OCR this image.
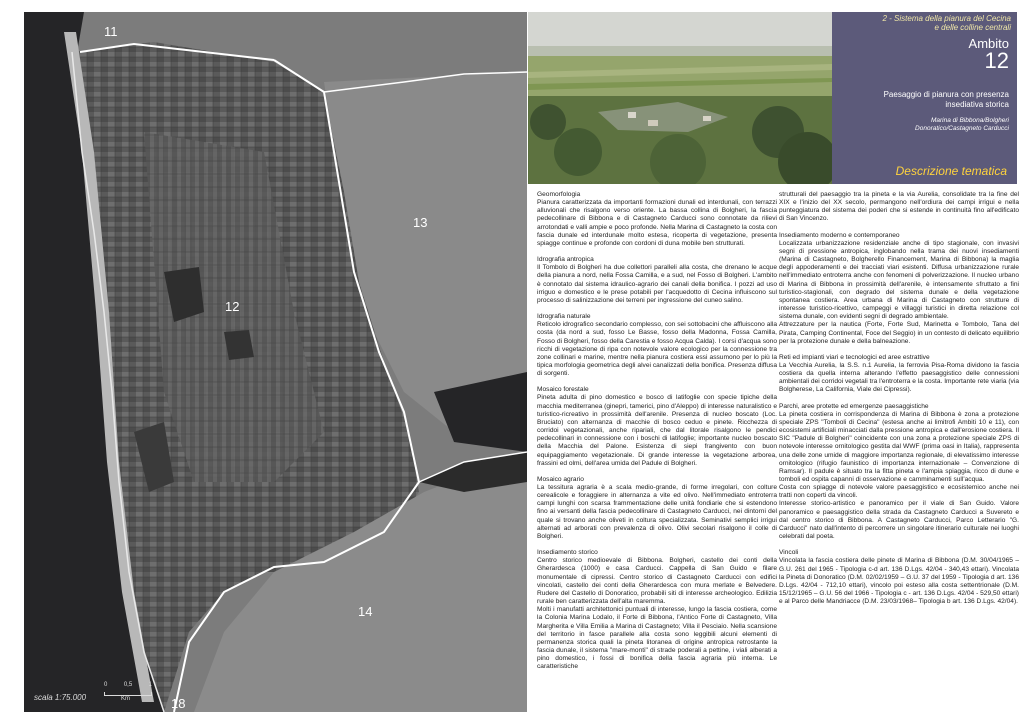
11
13
12
14
18
scala 1:75.000
0	0,5	1
Km
2 - Sistema della pianura del Cecina
e delle colline centrali
Ambito
12
Paesaggio di pianura con presenza insediativa storica
Marina di Bibbona/Bolgheri
Donoratico/Castagneto Carducci
Descrizione tematica
Geomorfologia

Pianura caratterizzata da importanti formazioni dunali ed interdunali, con terrazzi alluvionali che risalgono verso oriente. La bassa collina di Bolgheri, la fascia pedecollinare di Bibbona e di Castagneto Carducci sono connotate da rilievi arrotondati e valli ampie e poco profonde. Nella Marina di Castagneto la costa con fascia dunale ed interdunale molto estesa, ricoperta di vegetazione, presenta spiagge continue e profonde con cordoni di duna mobile ben strutturati.

Idrografia antropica

Il Tombolo di Bolgheri ha due collettori paralleli alla costa, che drenano le acque della pianura a nord, nella Fossa Camilla, e a sud, nel Fosso di Bolgheri. L'ambito è connotato dal sistema idraulico-agrario dei canali della bonifica. I pozzi ad uso irriguo e domestico e le prese potabili per l'acquedotto di Cecina influiscono sul processo di salinizzazione dei terreni per ingressione del cuneo salino.

Idrografia naturale

Reticolo idrografico secondario complesso, con sei sottobacini che affluiscono alla costa (da nord a sud, fosso Le Basse, fosso della Madonna, Fossa Camilla, Fosso di Bolgheri, fosso della Carestia e fosso Acqua Calda). I corsi d'acqua sono ricchi di vegetazione di ripa con notevole valore ecologico per la connessione tra zone collinari e marine, mentre nella pianura costiera essi assumono per lo più la tipica morfologia geometrica degli alvei canalizzati della bonifica. Presenza diffusa di sorgenti.

Mosaico forestale

Pineta adulta di pino domestico e bosco di latifoglie con specie tipiche della macchia mediterranea (ginepri, tamerici, pino d'Aleppo) di interesse naturalistico e turistico-ricreativo in prossimità dell'arenile. Presenza di nucleo boscato (Loc. Bruciato) con alternanza di macchie di bosco ceduo e pinete. Ricchezza di corridoi vegetazionali, anche ripariali, che dal litorale risalgono le pendici pedecollinari in connessione con i boschi di latifoglie; importante nucleo boscato della Macchia del Palone. Esistenza di siepi frangivento con buon equipaggiamento vegetazionale. Di grande interesse la vegetazione arborea, frassini ed olmi, dell'area umida del Padule di Bolgheri.

Mosaico agrario

La tessitura agraria è a scala medio-grande, di forme irregolari, con colture cerealicole e foraggiere in alternanza a vite ed olivo. Nell'immediato entroterra campi lunghi con scarsa frammentazione delle unità fondiarie che si estendono fino ai versanti della fascia pedecollinare di Castagneto Carducci, nei dintorni del quale si trovano anche oliveti in coltura specializzata. Seminativi semplici irrigui alternati ad arborati con prevalenza di olivo. Olivi secolari risalgono il colle di Bolgheri.

Insediamento storico

Centro storico medioevale di Bibbona. Bolgheri, castello dei conti della Gherardesca (1000) e casa Carducci. Cappella di San Guido e filare monumentale di cipressi. Centro storico di Castagneto Carducci con edifici vincolati, castello dei conti della Gherardesca con mura merlate e Belvedere. Rudere del Castello di Donoratico, probabili siti di interesse archeologico. Edilizia rurale ben caratterizzata dell'alta maremma.
Molti i manufatti architettonici puntuali di interesse, lungo la fascia costiera, come la Colonia Marina Lodalo, il Forte di Bibbona, l'Antico Forte di Castagneto, Villa Margherita e Villa Emilia a Marina di Castagneto; Villa il Pesciaio. Nella scansione del territorio in fasce parallele alla costa sono leggibili alcuni elementi di permanenza storica quali la pineta litoranea di origine antropica retrostante la fascia dunale, il sistema "mare-monti" di strade poderali a pettine, i viali alberati a pino domestico, i fossi di bonifica della fascia agraria più interna. Le caratteristiche

strutturali del paesaggio tra la pineta e la via Aurelia, consolidate tra la fine del XIX e l'inizio del XX secolo, permangono nell'ordiura dei campi irrigui e nella punteggiatura del sistema dei poderi che si estende in continuità fino all'edificato di San Vincenzo.

Insediamento moderno e contemporaneo

Localizzata urbanizzazione residenziale anche di tipo stagionale, con invasivi segni di pressione antropica, inglobando nella trama dei nuovi insediamenti (Marina di Castagneto, Bolgherello Financement, Marina di Bibbona) la maglia degli appoderamenti e dei tracciati viari esistenti. Diffusa urbanizzazione rurale nell'immediato entroterra anche con fenomeni di polverizzazione. Il nucleo urbano di Marina di Bibbona in prossimità dell'arenile, è intensamente sfruttato a fini turistico-stagionali, con degrado del sistema dunale e della vegetazione spontanea costiera. Area urbana di Marina di Castagneto con strutture di interesse turistico-ricettivo, campeggi e villaggi turistici in diretta relazione col sistema dunale, con evidenti segni di degrado ambientale.
Attrezzature per la nautica (Forte, Forte Sud, Marinetta e Tombolo, Tana del Pirata, Camping Continental, Foce del Seggio) in un contesto di delicato equilibrio per la protezione dunale e della balneazione.

Reti ed impianti viari e tecnologici ed aree estrattive

La Vecchia Aurelia, la S.S. n.1 Aurelia, la ferrovia Pisa-Roma dividono la fascia costiera da quella interna alterando l'effetto paesaggistico delle connessioni ambientali dei corridoi vegetali tra l'entroterra e la costa. Importante rete viaria (via Bolgherese, La California, Viale dei Cipressi).

Parchi, aree protette ed emergenze paesaggistiche

La pineta costiera in corrispondenza di Marina di Bibbona è zona a protezione speciale ZPS "Tomboli di Cecina" (estesa anche ai limitrofi Ambiti 10 e 11), con ecosistemi artificiali minacciati dalla pressione antropica e dall'erosione costiera. Il SIC "Padule di Bolgheri" coincidente con una zona a protezione speciale ZPS di notevole interesse ornitologico gestita dal WWF (prima oasi in Italia), rappresenta una delle zone umide di maggiore importanza regionale, di elevatissimo interesse ornitologico (rifugio faunistico di importanza internazionale – Convenzione di Ramsar). Il padule è situato tra la fitta pineta e l'ampia spiaggia, ricco di dune e tomboli ed ospita capanni di osservazione e camminamenti sull'acqua.
Costa con spiagge di notevole valore paesaggistico e ecosistemico anche nei tratti non coperti da vincoli.
Interesse storico-artistico e panoramico per il viale di San Guido. Valore panoramico e paesaggistico della strada da Castagneto Carducci a Suvereto e dal centro storico di Bibbona. A Castagneto Carducci, Parco Letterario "G. Carducci" nato dall'intento di percorrere un singolare itinerario culturale nei luoghi celebrati dal poeta.

Vincoli

Vincolata la fascia costiera delle pinete di Marina di Bibbona (D.M. 30/04/1965 – G.U. 261 del 1965 - Tipologia c-d art. 136 D.Lgs. 42/04 - 340,43 ettari). Vincolata la Pineta di Donoratico (D.M. 02/02/1959 – G.U. 37 del 1959 - Tipologia d art. 136 D.Lgs. 42/04 - 712,10 ettari), vincolo poi esteso alla costa settentrionale (D.M. 15/12/1965 – G.U. 56 del 1966 - Tipologia c - art. 136 D.Lgs. 42/04 - 529,50 ettari) e al Parco delle Mandriacce (D.M. 23/03/1968– Tipologia b art. 136 D.Lgs. 42/04).
